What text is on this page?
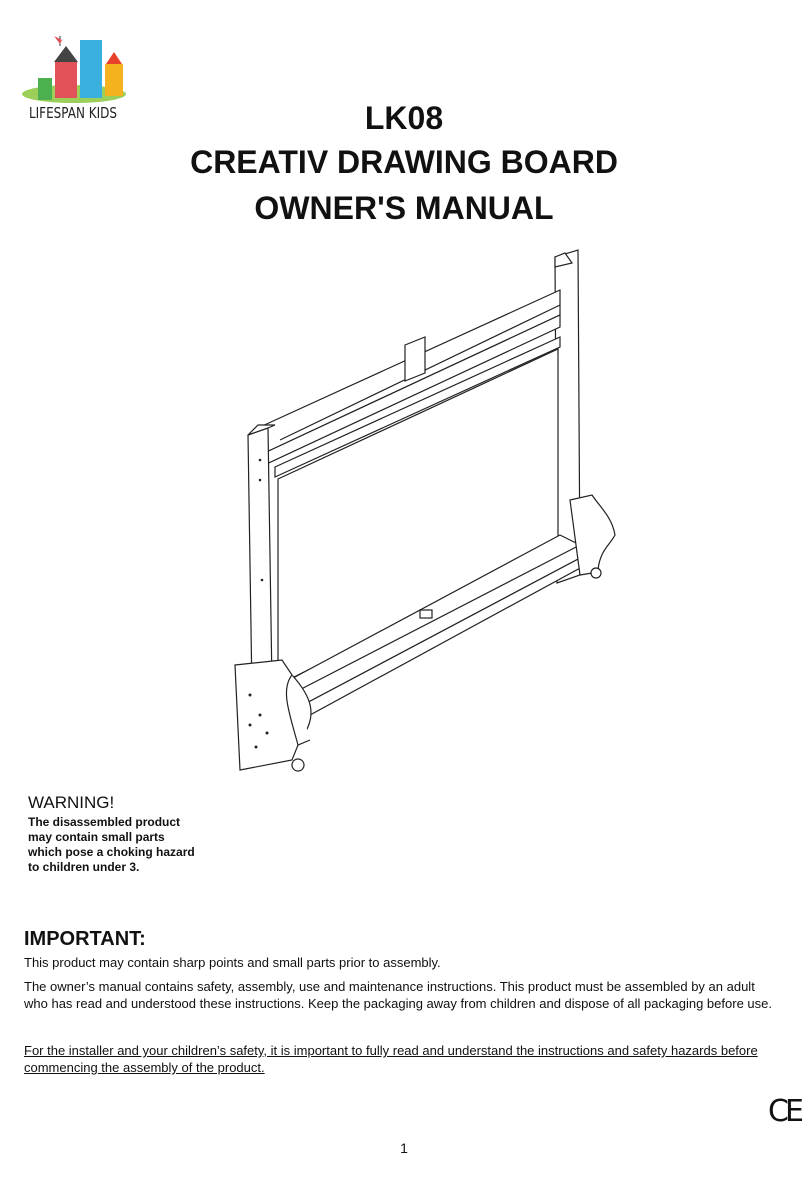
LIFESPAN KIDS	LK08
CREATIV DRAWING BOARD
OWNER'S MANUAL
WARNING!
The disassembled product
may contain small parts
which pose a choking hazard
to children under 3.
IMPORTANT:
This product may contain sharp points and small parts prior to assembly.
The owner’s manual contains safety, assembly, use and maintenance instructions. This product must be assembled by an adult
who has read and understood these instructions. Keep the packaging away from children and dispose of all packaging before use.
For the installer and your children’s safety, it is important to fully read and understand the instructions and safety hazards before
commencing the assembly of the product.
CE
1
